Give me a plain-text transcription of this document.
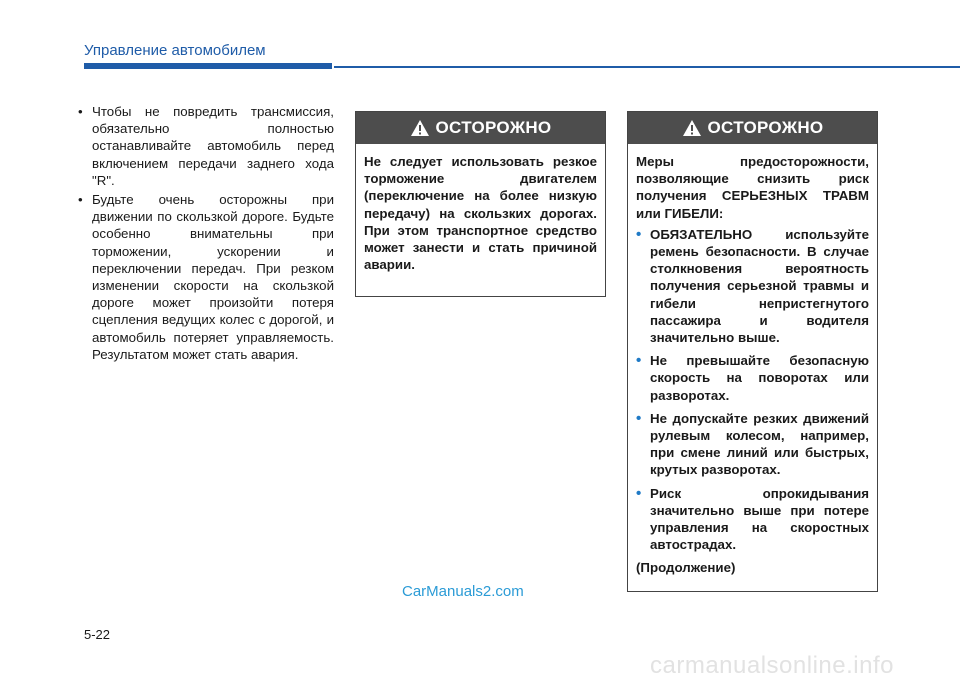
Управление автомобилем
• Чтобы не повредить трансмиссия, обязательно полностью останавливайте автомобиль перед включением передачи заднего хода "R".
• Будьте очень осторожны при движении по скользкой дороге. Будьте особенно внимательны при торможении, ускорении и переключении передач. При резком изменении скорости на скользкой дороге может произойти потеря сцепления ведущих колес с дорогой, и автомобиль потеряет управляемость. Результатом может стать авария.
ОСТОРОЖНО

Не следует использовать резкое торможение двигателем (переключение на более низкую передачу) на скользких дорогах. При этом транспортное средство может занести и стать причиной аварии.

ОСТОРОЖНО

Меры предосторожности, позволяющие снизить риск получения СЕРЬЕЗНЫХ ТРАВМ или ГИБЕЛИ:

• ОБЯЗАТЕЛЬНО используйте ремень безопасности. В случае столкновения вероятность получения серьезной травмы и гибели непристегнутого пассажира и водителя значительно выше.
• Не превышайте безопасную скорость на поворотах или разворотах.
• Не допускайте резких движений рулевым колесом, например, при смене линий или быстрых, крутых разворотах.
• Риск опрокидывания значительно выше при потере управления на скоростных автострадах.

(Продолжение)

CarManuals2.com
5-22
carmanualsonline.info
